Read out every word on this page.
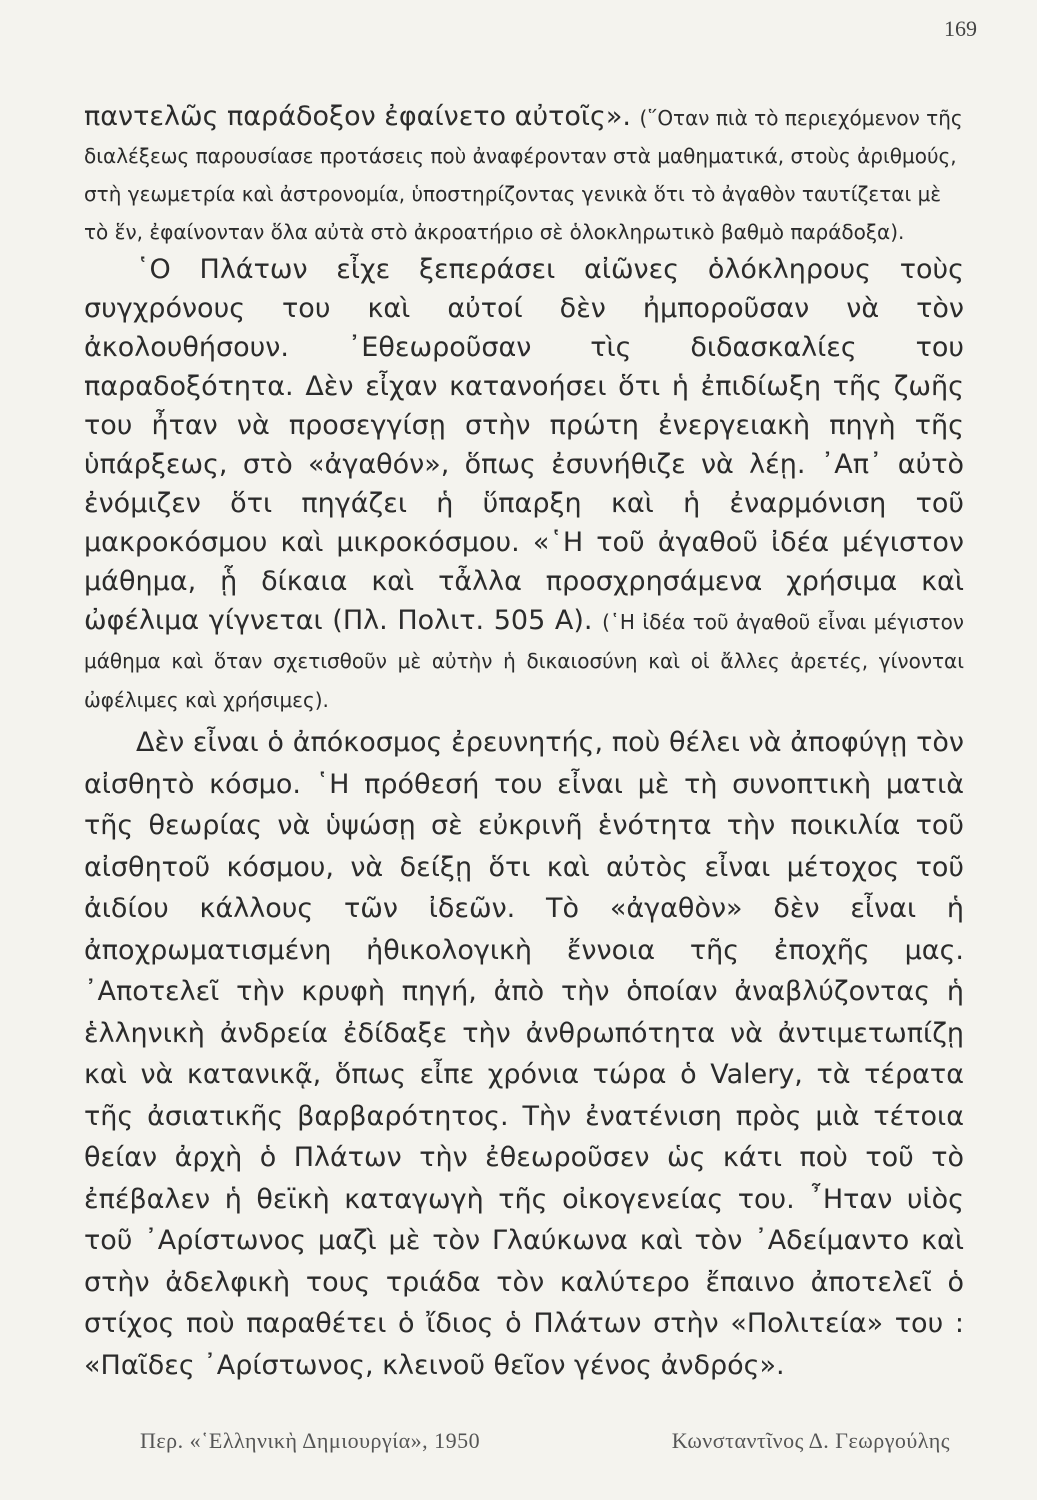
169

παντελῶς παράδοξον ἐφαίνετο αὐτοῖς». (῞Οταν πιὰ τὸ περιεχόμενον τῆς διαλέξεως παρουσίασε προτάσεις ποὺ ἀναφέρονταν στὰ μαθηματικά, στοὺς ἀριθμούς, στὴ γεωμετρία καὶ ἀστρονομία, ὑποστηρίζοντας γενικὰ ὅτι τὸ ἀγαθὸν ταυτίζεται μὲ τὸ ἕν, ἐφαίνονταν ὅλα αὐτὰ στὸ ἀκροατήριο σὲ ὁλοκληρωτικὸ βαθμὸ παράδοξα).

῾Ο Πλάτων εἶχε ξεπεράσει αἰῶνες ὁλόκληρους τοὺς συγχρόνους του καὶ αὐτοί δὲν ἠμποροῦσαν νὰ τὸν ἀκολουθήσουν. ᾿Εθεωροῦσαν τὶς διδασκαλίες του παραδοξότητα. Δὲν εἶχαν κατανοήσει ὅτι ἡ ἐπιδίωξη τῆς ζωῆς του ἦταν νὰ προσεγγίσῃ στὴν πρώτη ἐνεργειακὴ πηγὴ τῆς ὑπάρξεως, στὸ «ἀγαθόν», ὅπως ἐσυνήθιζε νὰ λέῃ. ᾿Απ᾿ αὐτὸ ἐνόμιζεν ὅτι πηγάζει ἡ ὕπαρξη καὶ ἡ ἐναρμόνιση τοῦ μακροκόσμου καὶ μικροκόσμου. «῾Η τοῦ ἀγαθοῦ ἰδέα μέγιστον μάθημα, ᾗ δίκαια καὶ τἆλλα προσχρησάμενα χρήσιμα καὶ ὠφέλιμα γίγνεται (Πλ. Πολιτ. 505 Α). (῾Η ἰδέα τοῦ ἀγαθοῦ εἶναι μέγιστον μάθημα καὶ ὅταν σχετισθοῦν μὲ αὐτὴν ἡ δικαιοσύνη καὶ οἱ ἄλλες ἀρετές, γίνονται ὠφέλιμες καὶ χρήσιμες).

Δὲν εἶναι ὁ ἀπόκοσμος ἐρευνητής, ποὺ θέλει νὰ ἀποφύγῃ τὸν αἰσθητὸ κόσμο. ῾Η πρόθεσή του εἶναι μὲ τὴ συνοπτικὴ ματιὰ τῆς θεωρίας νὰ ὑψώσῃ σὲ εὐκρινῆ ἑνότητα τὴν ποικιλία τοῦ αἰσθητοῦ κόσμου, νὰ δείξῃ ὅτι καὶ αὐτὸς εἶναι μέτοχος τοῦ ἀιδίου κάλλους τῶν ἰδεῶν. Τὸ «ἀγαθὸν» δὲν εἶναι ἡ ἀποχρωματισμένη ἠθικολογικὴ ἔννοια τῆς ἐποχῆς μας. ᾿Αποτελεῖ τὴν κρυφὴ πηγή, ἀπὸ τὴν ὁποίαν ἀναβλύζοντας ἡ ἑλληνικὴ ἀνδρεία ἐδίδαξε τὴν ἀνθρωπότητα νὰ ἀντιμετωπίζῃ καὶ νὰ κατανικᾷ, ὅπως εἶπε χρόνια τώρα ὁ Valery, τὰ τέρατα τῆς ἀσιατικῆς βαρβαρότητος. Τὴν ἐνατένιση πρὸς μιὰ τέτοια θείαν ἀρχὴ ὁ Πλάτων τὴν ἐθεωροῦσεν ὡς κάτι ποὺ τοῦ τὸ ἐπέβαλεν ἡ θεϊκὴ καταγωγὴ τῆς οἰκογενείας του. ῏Ηταν υἱὸς τοῦ ᾿Αρίστωνος μαζὶ μὲ τὸν Γλαύκωνα καὶ τὸν ᾿Αδείμαντο καὶ στὴν ἀδελφικὴ τους τριάδα τὸν καλύτερο ἔπαινο ἀποτελεῖ ὁ στίχος ποὺ παραθέτει ὁ ἴδιος ὁ Πλάτων στὴν «Πολιτεία» του : «Παῖδες ᾿Αρίστωνος, κλεινοῦ θεῖον γένος ἀνδρός».

Περ. «῾Ελληνικὴ Δημιουργία», 1950	Κωνσταντῖνος Δ. Γεωργούλης
